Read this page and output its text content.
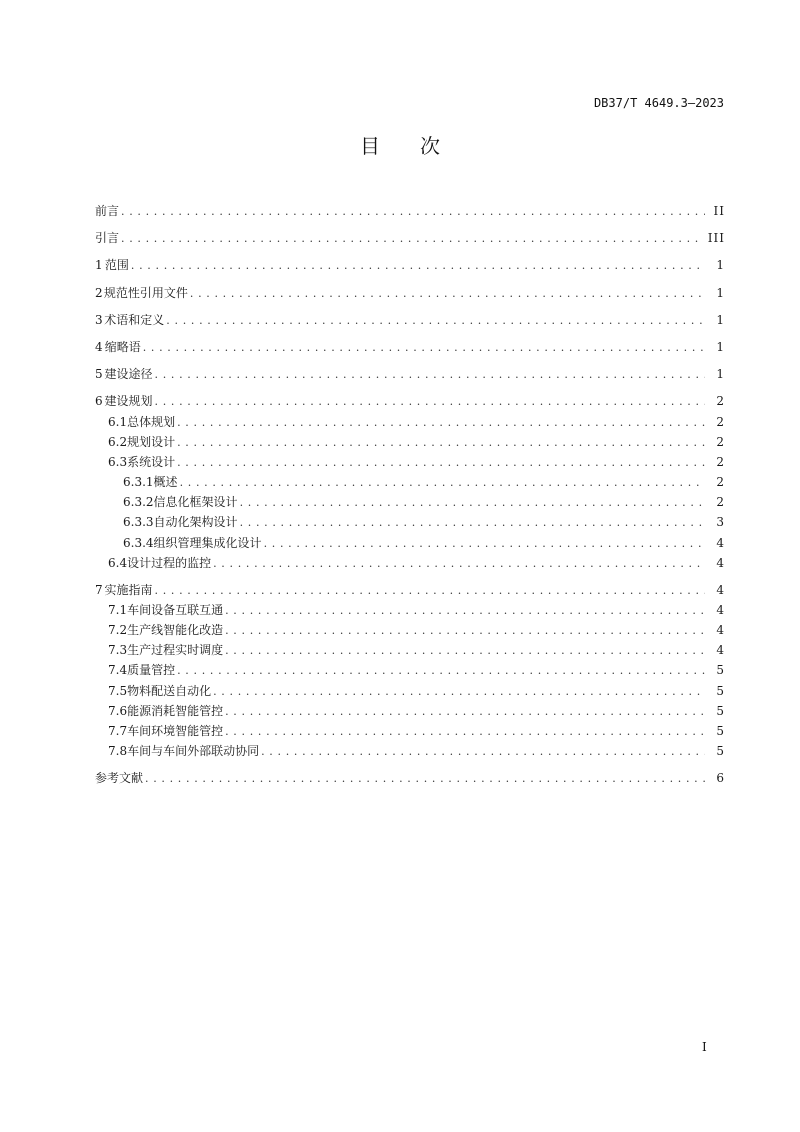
DB37/T 4649.3—2023
目 次
前言 .....	II
引言 .....	III
1 范围 .....	1
2 规范性引用文件 .....	1
3 术语和定义 .....	1
4 缩略语 .....	1
5 建设途径 .....	1
6 建设规划 .....	2
6.1 总体规划 .....	2
6.2 规划设计 .....	2
6.3 系统设计 .....	2
6.3.1 概述 .....	2
6.3.2 信息化框架设计 .....	2
6.3.3 自动化架构设计 .....	3
6.3.4 组织管理集成化设计 .....	4
6.4 设计过程的监控 .....	4
7 实施指南 .....	4
7.1 车间设备互联互通 .....	4
7.2 生产线智能化改造 .....	4
7.3 生产过程实时调度 .....	4
7.4 质量管控 .....	5
7.5 物料配送自动化 .....	5
7.6 能源消耗智能管控 .....	5
7.7 车间环境智能管控 .....	5
7.8 车间与车间外部联动协同 .....	5
参考文献 .....	6
I
